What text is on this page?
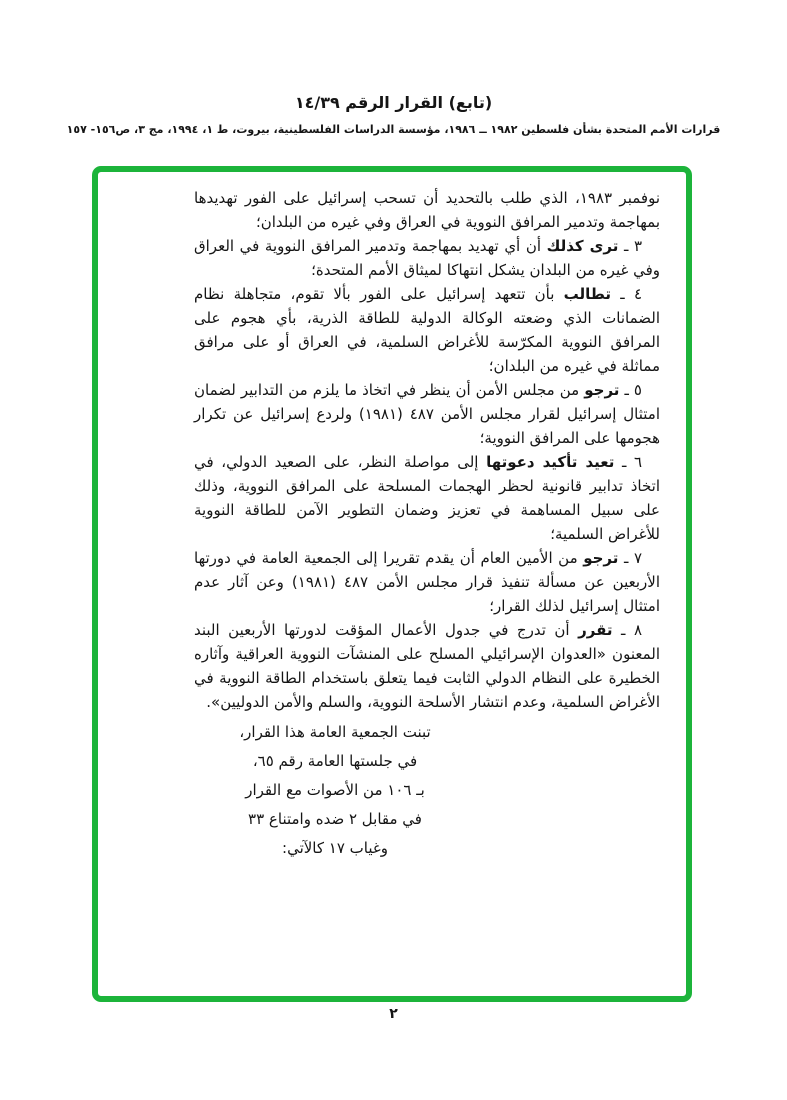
(تابع) القرار الرقم ١٤/٣٩
قرارات الأمم المتحدة بشأن فلسطين ١٩٨٢ ــ ١٩٨٦، مؤسسة الدراسات الفلسطينية، بيروت، ط ١، ١٩٩٤، مج ٣، ص١٥٦- ١٥٧

نوفمبر ١٩٨٣، الذي طلب بالتحديد أن تسحب إسرائيل على الفور تهديدها بمهاجمة وتدمير المرافق النووية في العراق وفي غيره من البلدان؛

٣ ـ ترى كذلك أن أي تهديد بمهاجمة وتدمير المرافق النووية في العراق وفي غيره من البلدان يشكل انتهاكا لميثاق الأمم المتحدة؛

٤ ـ تطالب بأن تتعهد إسرائيل على الفور بألا تقوم، متجاهلة نظام الضمانات الذي وضعته الوكالة الدولية للطاقة الذرية، بأي هجوم على المرافق النووية المكرّسة للأغراض السلمية، في العراق أو على مرافق مماثلة في غيره من البلدان؛

٥ ـ ترجو من مجلس الأمن أن ينظر في اتخاذ ما يلزم من التدابير لضمان امتثال إسرائيل لقرار مجلس الأمن ٤٨٧ (١٩٨١) ولردع إسرائيل عن تكرار هجومها على المرافق النووية؛

٦ ـ تعيد تأكيد دعوتها إلى مواصلة النظر، على الصعيد الدولي، في اتخاذ تدابير قانونية لحظر الهجمات المسلحة على المرافق النووية، وذلك على سبيل المساهمة في تعزيز وضمان التطوير الآمن للطاقة النووية للأغراض السلمية؛

٧ ـ ترجو من الأمين العام أن يقدم تقريرا إلى الجمعية العامة في دورتها الأربعين عن مسألة تنفيذ قرار مجلس الأمن ٤٨٧ (١٩٨١) وعن آثار عدم امتثال إسرائيل لذلك القرار؛

٨ ـ تقرر أن تدرج في جدول الأعمال المؤقت لدورتها الأربعين البند المعنون «العدوان الإسرائيلي المسلح على المنشآت النووية العراقية وآثاره الخطيرة على النظام الدولي الثابت فيما يتعلق باستخدام الطاقة النووية في الأغراض السلمية، وعدم انتشار الأسلحة النووية، والسلم والأمن الدوليين».

تبنت الجمعية العامة هذا القرار،
في جلستها العامة رقم ٦٥،
بـ ١٠٦ من الأصوات مع القرار
في مقابل ٢ ضده وامتناع ٣٣
وغياب ١٧ كالآتي:
٢
